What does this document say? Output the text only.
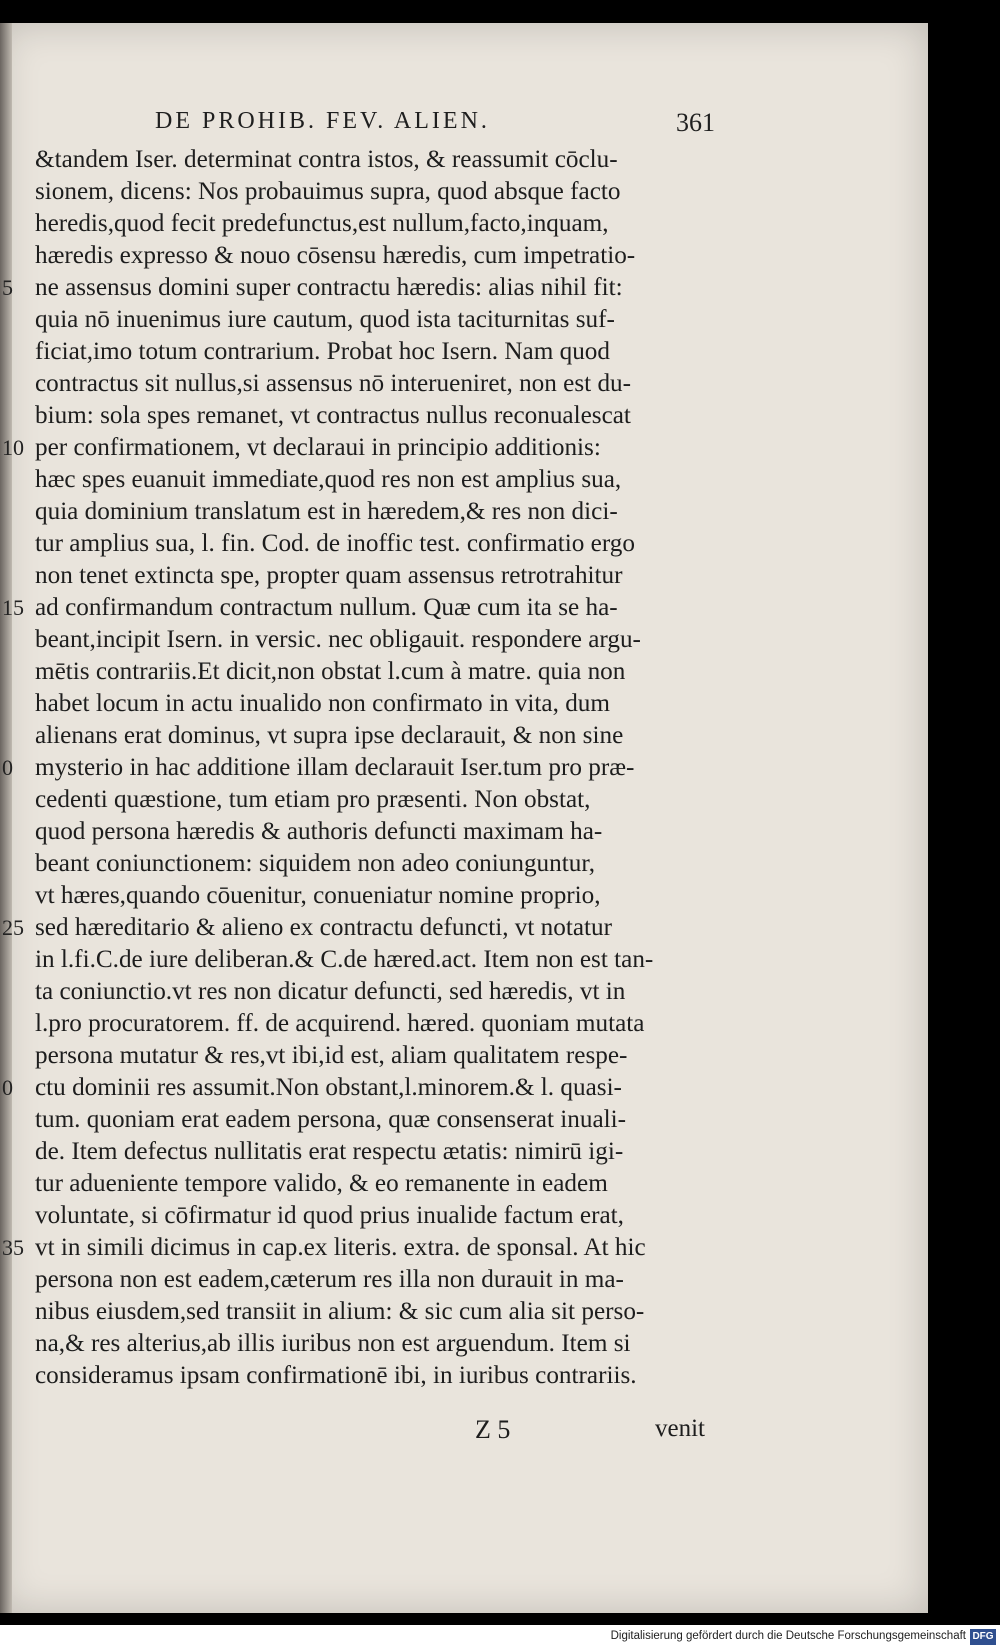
DE PROHIB. FEV. ALIEN.	361
&tandem Iser. determinat contra istos, & reassumit cōclu-
sionem, dicens: Nos probauimus supra, quod absque facto
heredis,quod fecit predefunctus,est nullum,facto,inquam,
hæredis expresso & nouo cōsensu hæredis, cum impetratio-
ne assensus domini super contractu hæredis: alias nihil fit:
quia nō inuenimus iure cautum, quod ista taciturnitas suf-
ficiat,imo totum contrarium. Probat hoc Isern. Nam quod
contractus sit nullus,si assensus nō interueniret, non est du-
bium: sola spes remanet, vt contractus nullus reconualescat
per confirmationem, vt declaraui in principio additionis:
hæc spes euanuit immediate,quod res non est amplius sua,
quia dominium translatum est in hæredem,& res non dici-
tur amplius sua, l. fin. Cod. de inoffic test. confirmatio ergo
non tenet extincta spe, propter quam assensus retrotrahitur
ad confirmandum contractum nullum. Quæ cum ita se ha-
beant,incipit Isern. in versic. nec obligauit. respondere argu-
mētis contrariis.Et dicit,non obstat l.cum à matre. quia non
habet locum in actu inualido non confirmato in vita, dum
alienans erat dominus, vt supra ipse declarauit, & non sine
mysterio in hac additione illam declarauit Iser.tum pro præ-
cedenti quæstione, tum etiam pro præsenti. Non obstat,
quod persona hæredis & authoris defuncti maximam ha-
beant coniunctionem: siquidem non adeo coniunguntur,
vt hæres,quando cōuenitur, conueniatur nomine proprio,
sed hæreditario & alieno ex contractu defuncti, vt notatur
in l.fi.C.de iure deliberan.& C.de hæred.act. Item non est tan-
ta coniunctio.vt res non dicatur defuncti, sed hæredis, vt in
l.pro procuratorem. ff. de acquirend. hæred. quoniam mutata
persona mutatur & res,vt ibi,id est, aliam qualitatem respe-
ctu dominii res assumit.Non obstant,l.minorem.& l. quasi-
tum. quoniam erat eadem persona, quæ consenserat inuali-
de. Item defectus nullitatis erat respectu ætatis: nimirū igi-
tur adueniente tempore valido, & eo remanente in eadem
voluntate, si cōfirmatur id quod prius inualide factum erat,
vt in simili dicimus in cap.ex literis. extra. de sponsal. At hic
persona non est eadem,cæterum res illa non durauit in ma-
nibus eiusdem,sed transiit in alium: & sic cum alia sit perso-
na,& res alterius,ab illis iuribus non est arguendum. Item si
consideramus ipsam confirmationē ibi, in iuribus contrariis.
5
10
15
0
25
0
35
Z 5	venit
Digitalisierung gefördert durch die Deutsche Forschungsgemeinschaft DFG
